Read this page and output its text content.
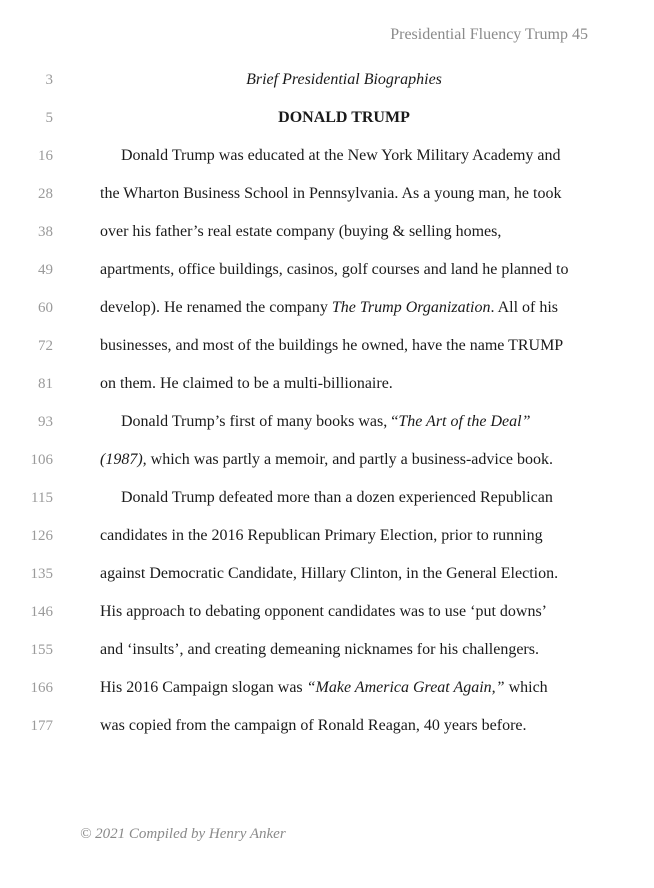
Presidential Fluency Trump 45
3	Brief Presidential Biographies
5	DONALD TRUMP
16	Donald Trump was educated at the New York Military Academy and
28	the Wharton Business School in Pennsylvania. As a young man, he took
38	over his father’s real estate company (buying & selling homes,
49	apartments, office buildings, casinos, golf courses and land he planned to
60	develop). He renamed the company The Trump Organization. All of his
72	businesses, and most of the buildings he owned, have the name TRUMP
81	on them. He claimed to be a multi-billionaire.
93	Donald Trump’s first of many books was, “The Art of the Deal”
106	(1987), which was partly a memoir, and partly a business-advice book.
115	Donald Trump defeated more than a dozen experienced Republican
126	candidates in the 2016 Republican Primary Election, prior to running
135	against Democratic Candidate, Hillary Clinton, in the General Election.
146	His approach to debating opponent candidates was to use ‘put downs’
155	and ‘insults’, and creating demeaning nicknames for his challengers.
166	His 2016 Campaign slogan was “Make America Great Again,” which
177	was copied from the campaign of Ronald Reagan, 40 years before.
© 2021 Compiled by Henry Anker
